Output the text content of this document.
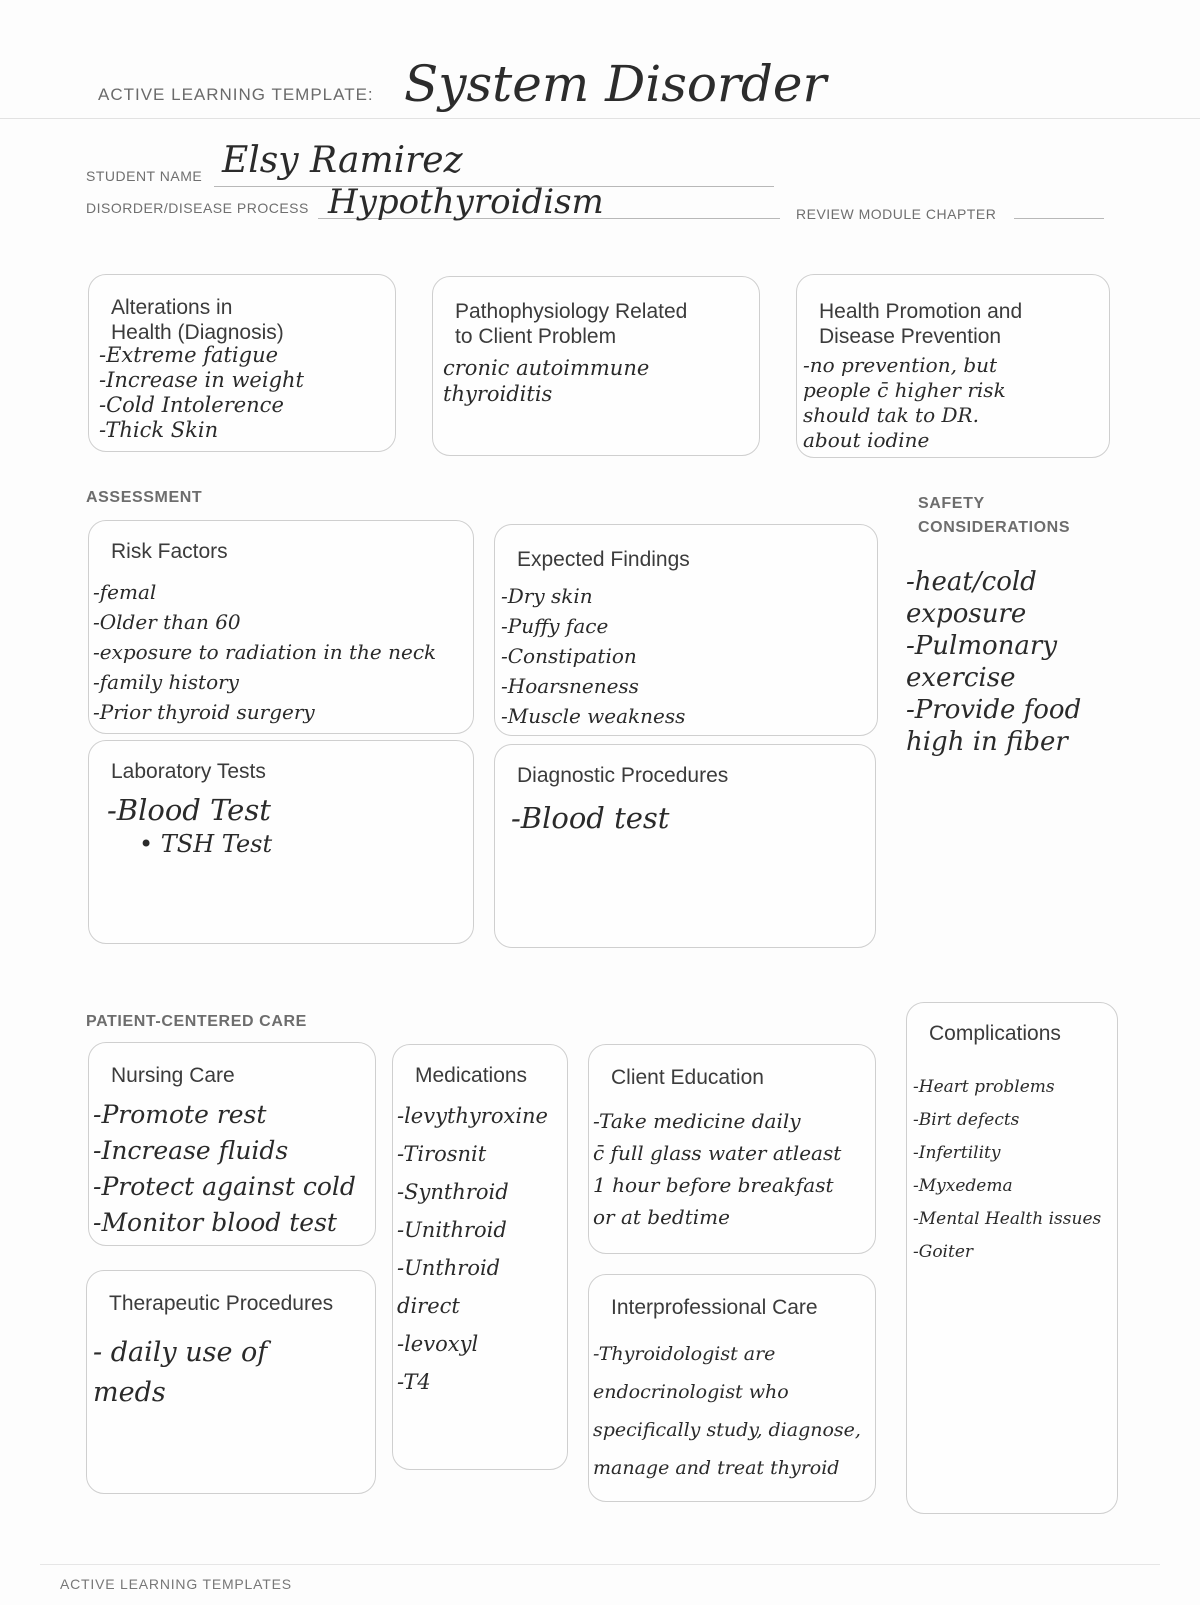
ACTIVE LEARNING TEMPLATE: System Disorder
STUDENT NAME Elsy Ramirez
DISORDER/DISEASE PROCESS Hypothyroidism	REVIEW MODULE CHAPTER
Alterations in
Health (Diagnosis)
-Extreme fatigue
-Increase in weight
-Cold Intolerence
-Thick Skin
Pathophysiology Related
to Client Problem
cronic autoimmune
thyroiditis
Health Promotion and
Disease Prevention
-no prevention, but
people c̄ higher risk
should tak to DR.
about iodine
ASSESSMENT
Risk Factors
-femal
-Older than 60
-exposure to radiation in the neck
-family history
-Prior thyroid surgery
Expected Findings
-Dry skin
-Puffy face
-Constipation
-Hoarsneness
-Muscle weakness
Laboratory Tests
-Blood Test
• TSH Test
Diagnostic Procedures
-Blood test
SAFETY
CONSIDERATIONS
-heat/cold
exposure
-Pulmonary
exercise
-Provide food
high in fiber
PATIENT-CENTERED CARE
Nursing Care
-Promote rest
-Increase fluids
-Protect against cold
-Monitor blood test
Medications
-levythyroxine
-Tirosnit
-Synthroid
-Unithroid
-Unthroid direct
-levoxyl
-T4
Client Education
-Take medicine daily
c̄ full glass water atleast
1 hour before breakfast
or at bedtime
Therapeutic Procedures
- daily use of
meds
Interprofessional Care
-Thyroidologist are
endocrinologist who
specifically study, diagnose,
manage and treat thyroid
Complications
-Heart problems
-Birt defects
-Infertility
-Myxedema
-Mental Health issues
-Goiter
ACTIVE LEARNING TEMPLATES
